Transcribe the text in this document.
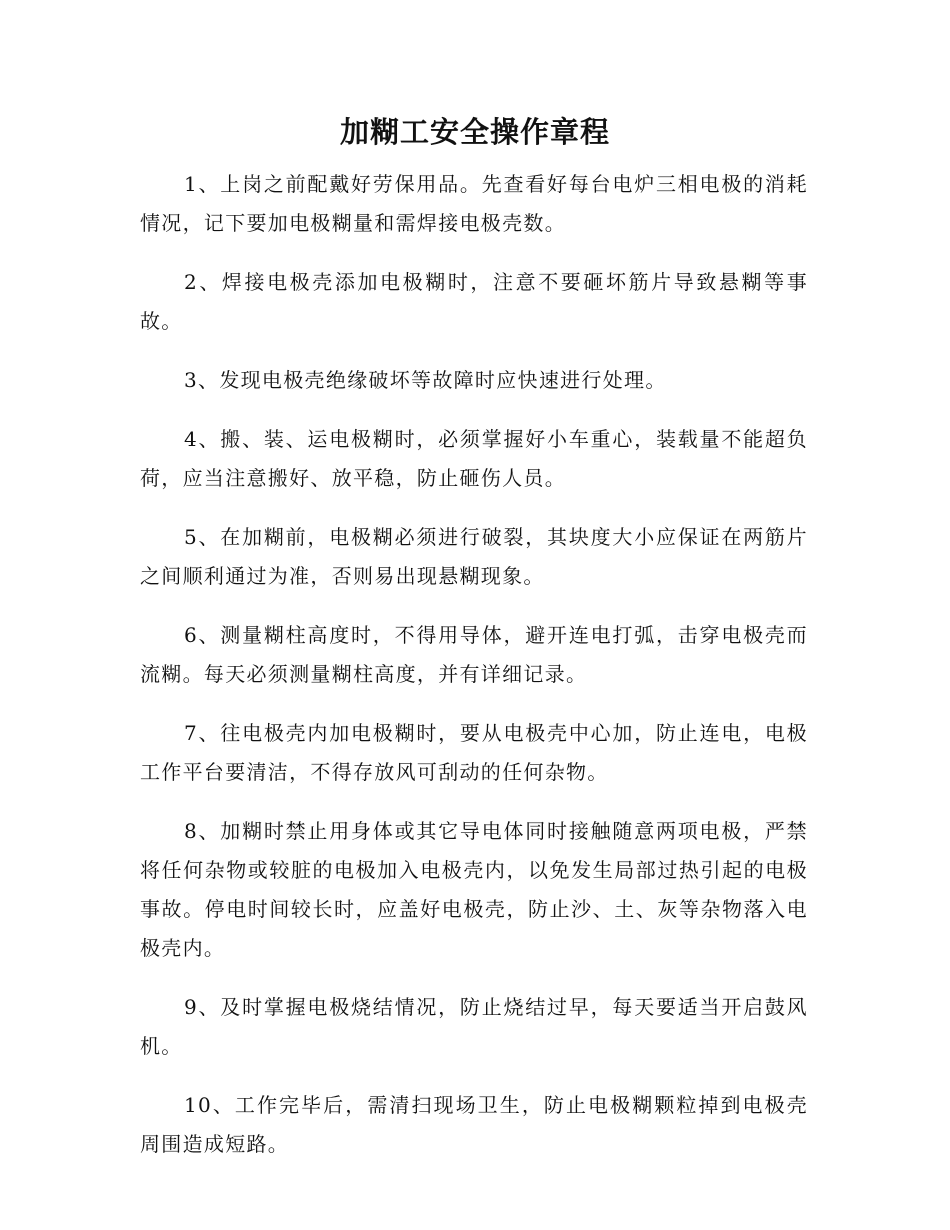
加糊工安全操作章程

1、上岗之前配戴好劳保用品。先查看好每台电炉三相电极的消耗情况，记下要加电极糊量和需焊接电极壳数。

2、焊接电极壳添加电极糊时，注意不要砸坏筋片导致悬糊等事故。

3、发现电极壳绝缘破坏等故障时应快速进行处理。

4、搬、装、运电极糊时，必须掌握好小车重心，装载量不能超负荷，应当注意搬好、放平稳，防止砸伤人员。

5、在加糊前，电极糊必须进行破裂，其块度大小应保证在两筋片之间顺利通过为准，否则易出现悬糊现象。

6、测量糊柱高度时，不得用导体，避开连电打弧，击穿电极壳而流糊。每天必须测量糊柱高度，并有详细记录。

7、往电极壳内加电极糊时，要从电极壳中心加，防止连电，电极工作平台要清洁，不得存放风可刮动的任何杂物。

8、加糊时禁止用身体或其它导电体同时接触随意两项电极，严禁将任何杂物或较脏的电极加入电极壳内，以免发生局部过热引起的电极事故。停电时间较长时，应盖好电极壳，防止沙、土、灰等杂物落入电极壳内。

9、及时掌握电极烧结情况，防止烧结过早，每天要适当开启鼓风机。

10、工作完毕后，需清扫现场卫生，防止电极糊颗粒掉到电极壳周围造成短路。
